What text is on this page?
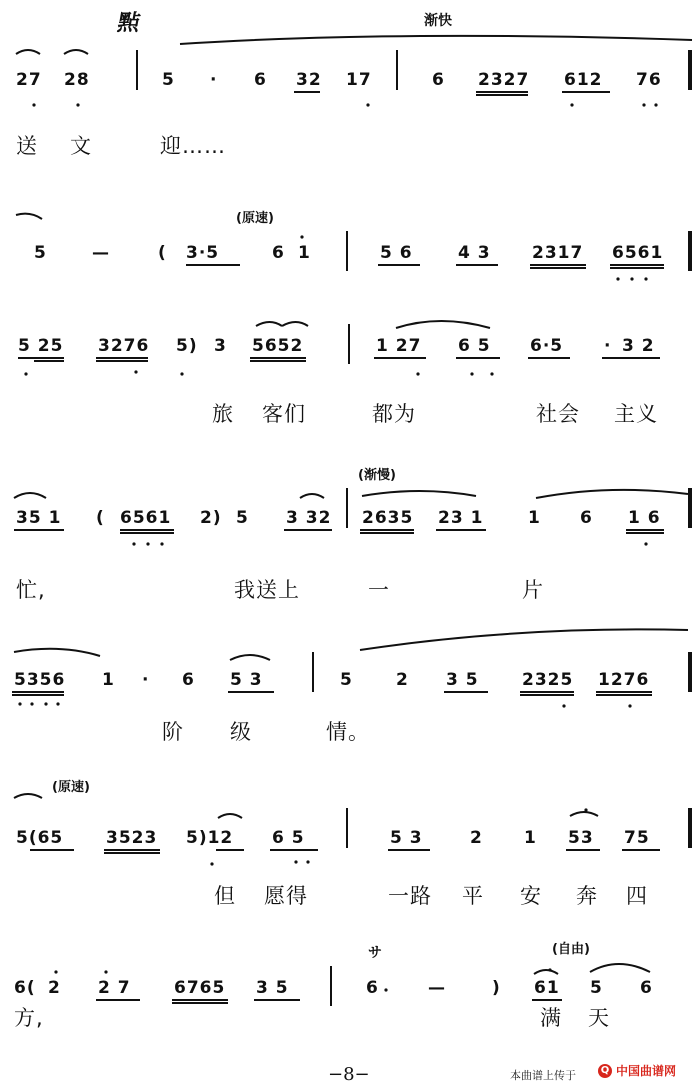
㸃	渐快
27 28	5 · 6 32 17	6 2327 612 76
送 文	迎……
(原速)
5	—	( 3·5	6 1	5 6	4 3 2317 6561
5 25 3276 5) 3 5652	1 27 6 5 6·5 · 3 2
旅 客们	都为	社会 主义
(渐慢)
35 1 ( 6561 2) 5 3 32 2635 23 1	1 6 1 6
忙,	我送上	一	片
5356 1 · 6 5 3	5	2 3 5	2325 1276
阶 级	情。
(原速)
5(65	3523 5)12 6 5	5 3	2 1 53 75
但 愿得	一路 平 安 奔 四
(自由)
サ
6( 2 2 7	6765 3 5	6	—	) 61 5 6
方,	满 天
−8−	本曲谱上传于 Q 中国曲谱网
